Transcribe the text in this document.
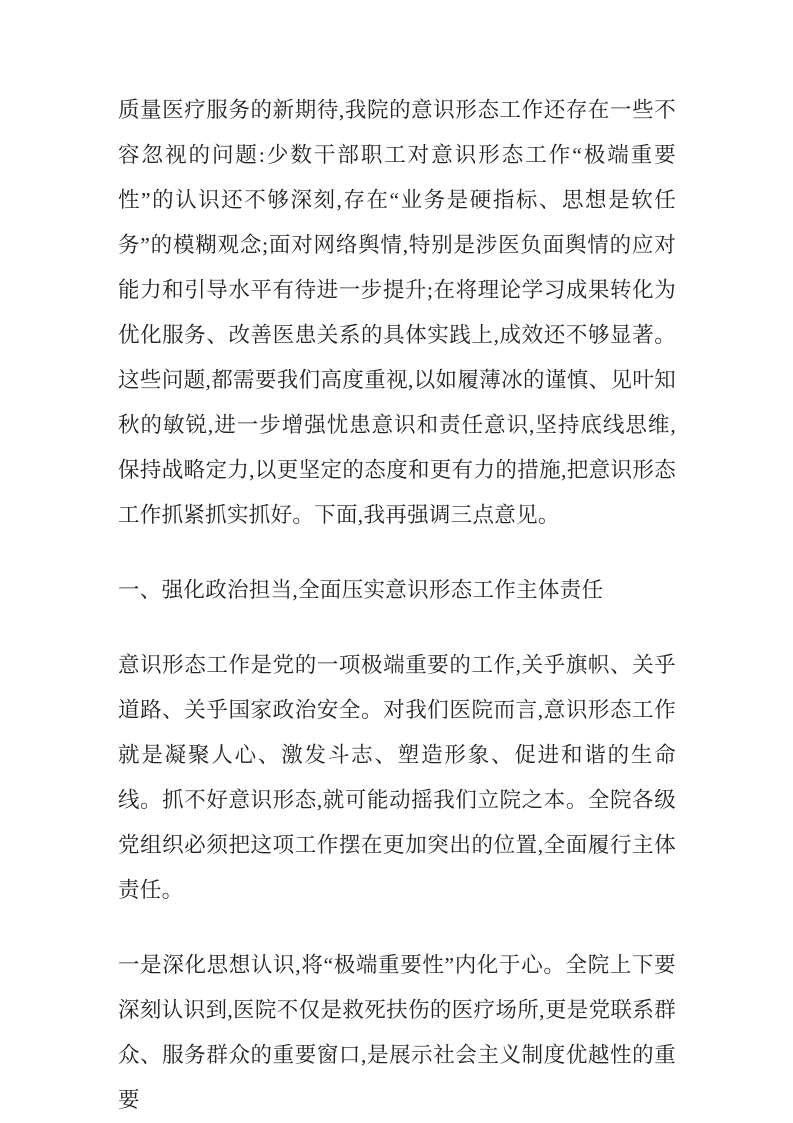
质量医疗服务的新期待,我院的意识形态工作还存在一些不容忽视的问题:少数干部职工对意识形态工作“极端重要性”的认识还不够深刻,存在“业务是硬指标、思想是软任务”的模糊观念;面对网络舆情,特别是涉医负面舆情的应对能力和引导水平有待进一步提升;在将理论学习成果转化为优化服务、改善医患关系的具体实践上,成效还不够显著。这些问题,都需要我们高度重视,以如履薄冰的谨慎、见叶知秋的敏锐,进一步增强忧患意识和责任意识,坚持底线思维,保持战略定力,以更坚定的态度和更有力的措施,把意识形态工作抓紧抓实抓好。下面,我再强调三点意见。

一、强化政治担当,全面压实意识形态工作主体责任

意识形态工作是党的一项极端重要的工作,关乎旗帜、关乎道路、关乎国家政治安全。对我们医院而言,意识形态工作就是凝聚人心、激发斗志、塑造形象、促进和谐的生命线。抓不好意识形态,就可能动摇我们立院之本。全院各级党组织必须把这项工作摆在更加突出的位置,全面履行主体责任。

一是深化思想认识,将“极端重要性”内化于心。全院上下要深刻认识到,医院不仅是救死扶伤的医疗场所,更是党联系群众、服务群众的重要窗口,是展示社会主义制度优越性的重要
